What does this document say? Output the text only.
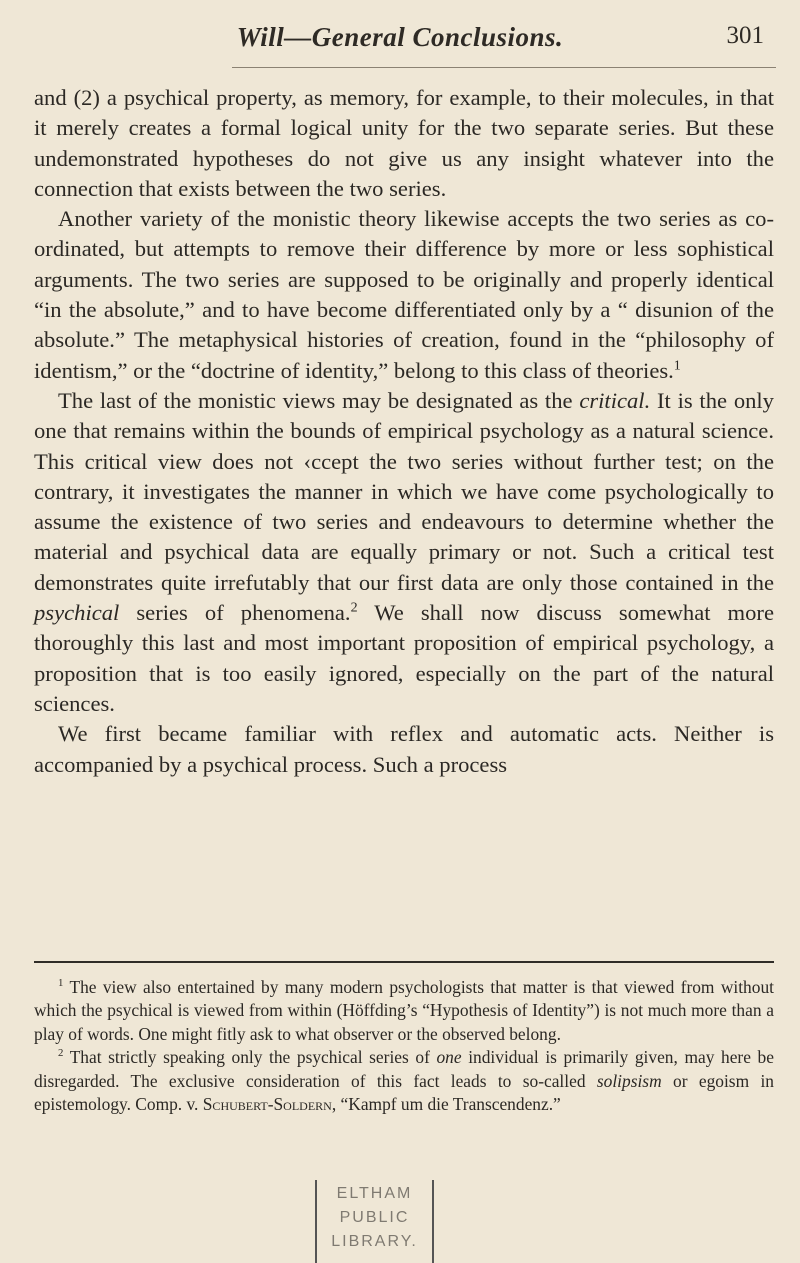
Will—General Conclusions.	301

and (2) a psychical property, as memory, for example, to their molecules, in that it merely creates a formal logical unity for the two separate series. But these undemonstrated hypotheses do not give us any insight whatever into the connection that exists between the two series.

Another variety of the monistic theory likewise accepts the two series as co-ordinated, but attempts to remove their difference by more or less sophistical arguments. The two series are supposed to be originally and properly identical “in the absolute,” and to have become differentiated only by a “ disunion of the absolute.” The metaphysical histories of creation, found in the “philosophy of identism,” or the “doctrine of identity,” belong to this class of theories.$^1$

The last of the monistic views may be designated as the critical. It is the only one that remains within the bounds of empirical psychology as a natural science. This critical view does not ‹ccept the two series without further test; on the contrary, it investigates the manner in which we have come psychologically to assume the existence of two series and endeavours to determine whether the material and psychical data are equally primary or not. Such a critical test demonstrates quite irrefutably that our first data are only those contained in the psychical series of phenomena.$^2$ We shall now discuss somewhat more thoroughly this last and most important proposition of empirical psychology, a proposition that is too easily ignored, especially on the part of the natural sciences.

We first became familiar with reflex and automatic acts. Neither is accompanied by a psychical process. Such a process

$^1$ The view also entertained by many modern psychologists that matter is that viewed from without which the psychical is viewed from within (Höffding’s “Hypothesis of Identity”) is not much more than a play of words. One might fitly ask to what observer or the observed belong.

$^2$ That strictly speaking only the psychical series of one individual is primarily given, may here be disregarded. The exclusive consideration of this fact leads to so-called solipsism or egoism in epistemology. Comp. v. Schubert-Soldern, “Kampf um die Transcendenz.”

ELTHAM
PUBLIC
LIBRARY.
